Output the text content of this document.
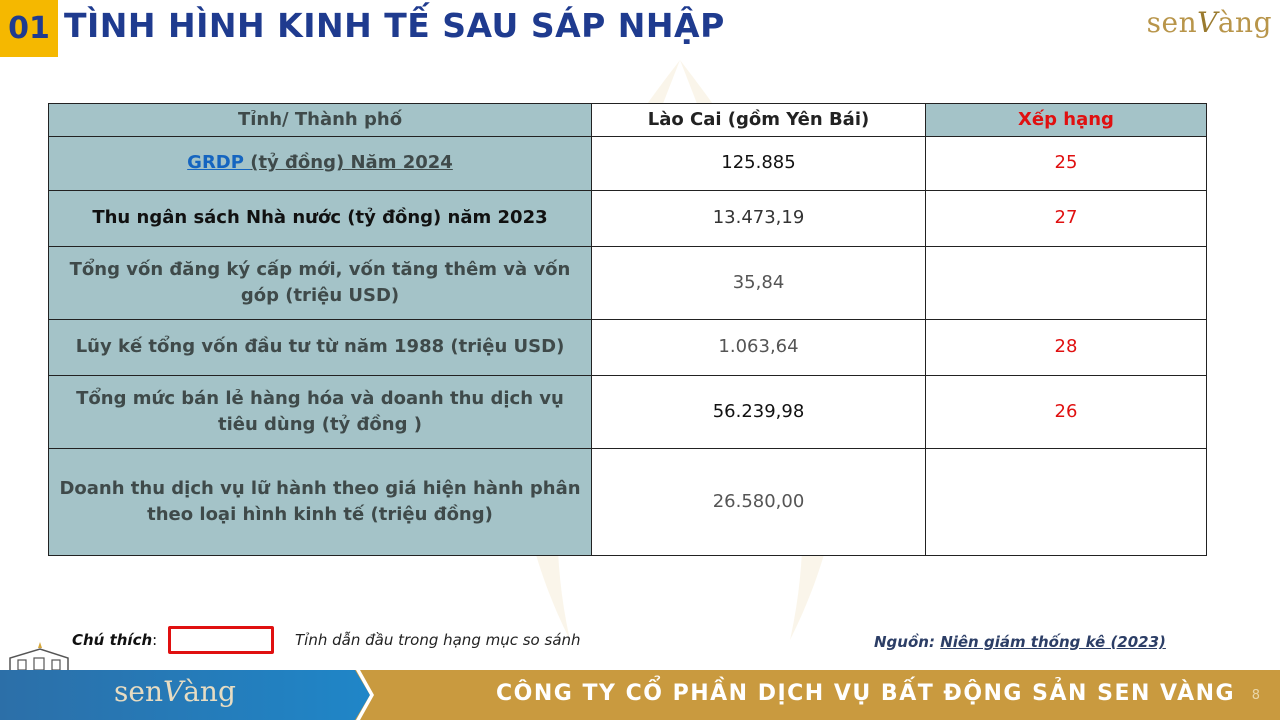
01 TÌNH HÌNH KINH TẾ SAU SÁP NHẬP	senVàng
Tỉnh/ Thành phố	Lào Cai (gồm Yên Bái)	Xếp hạng
GRDP (tỷ đồng) Năm 2024	125.885	25
Thu ngân sách Nhà nước (tỷ đồng) năm 2023	13.473,19	27
Tổng vốn đăng ký cấp mới, vốn tăng thêm và vốn góp (triệu USD)	35,84	
Lũy kế tổng vốn đầu tư từ năm 1988 (triệu USD)	1.063,64	28
Tổng mức bán lẻ hàng hóa và doanh thu dịch vụ tiêu dùng (tỷ đồng )	56.239,98	26
Doanh thu dịch vụ lữ hành theo giá hiện hành phân theo loại hình kinh tế (triệu đồng)	26.580,00	
Chú thích:	Tỉnh dẫn đầu trong hạng mục so sánh	Nguồn: Niên giám thống kê (2023)
senVàng	CÔNG TY CỔ PHẦN DỊCH VỤ BẤT ĐỘNG SẢN SEN VÀNG 8
